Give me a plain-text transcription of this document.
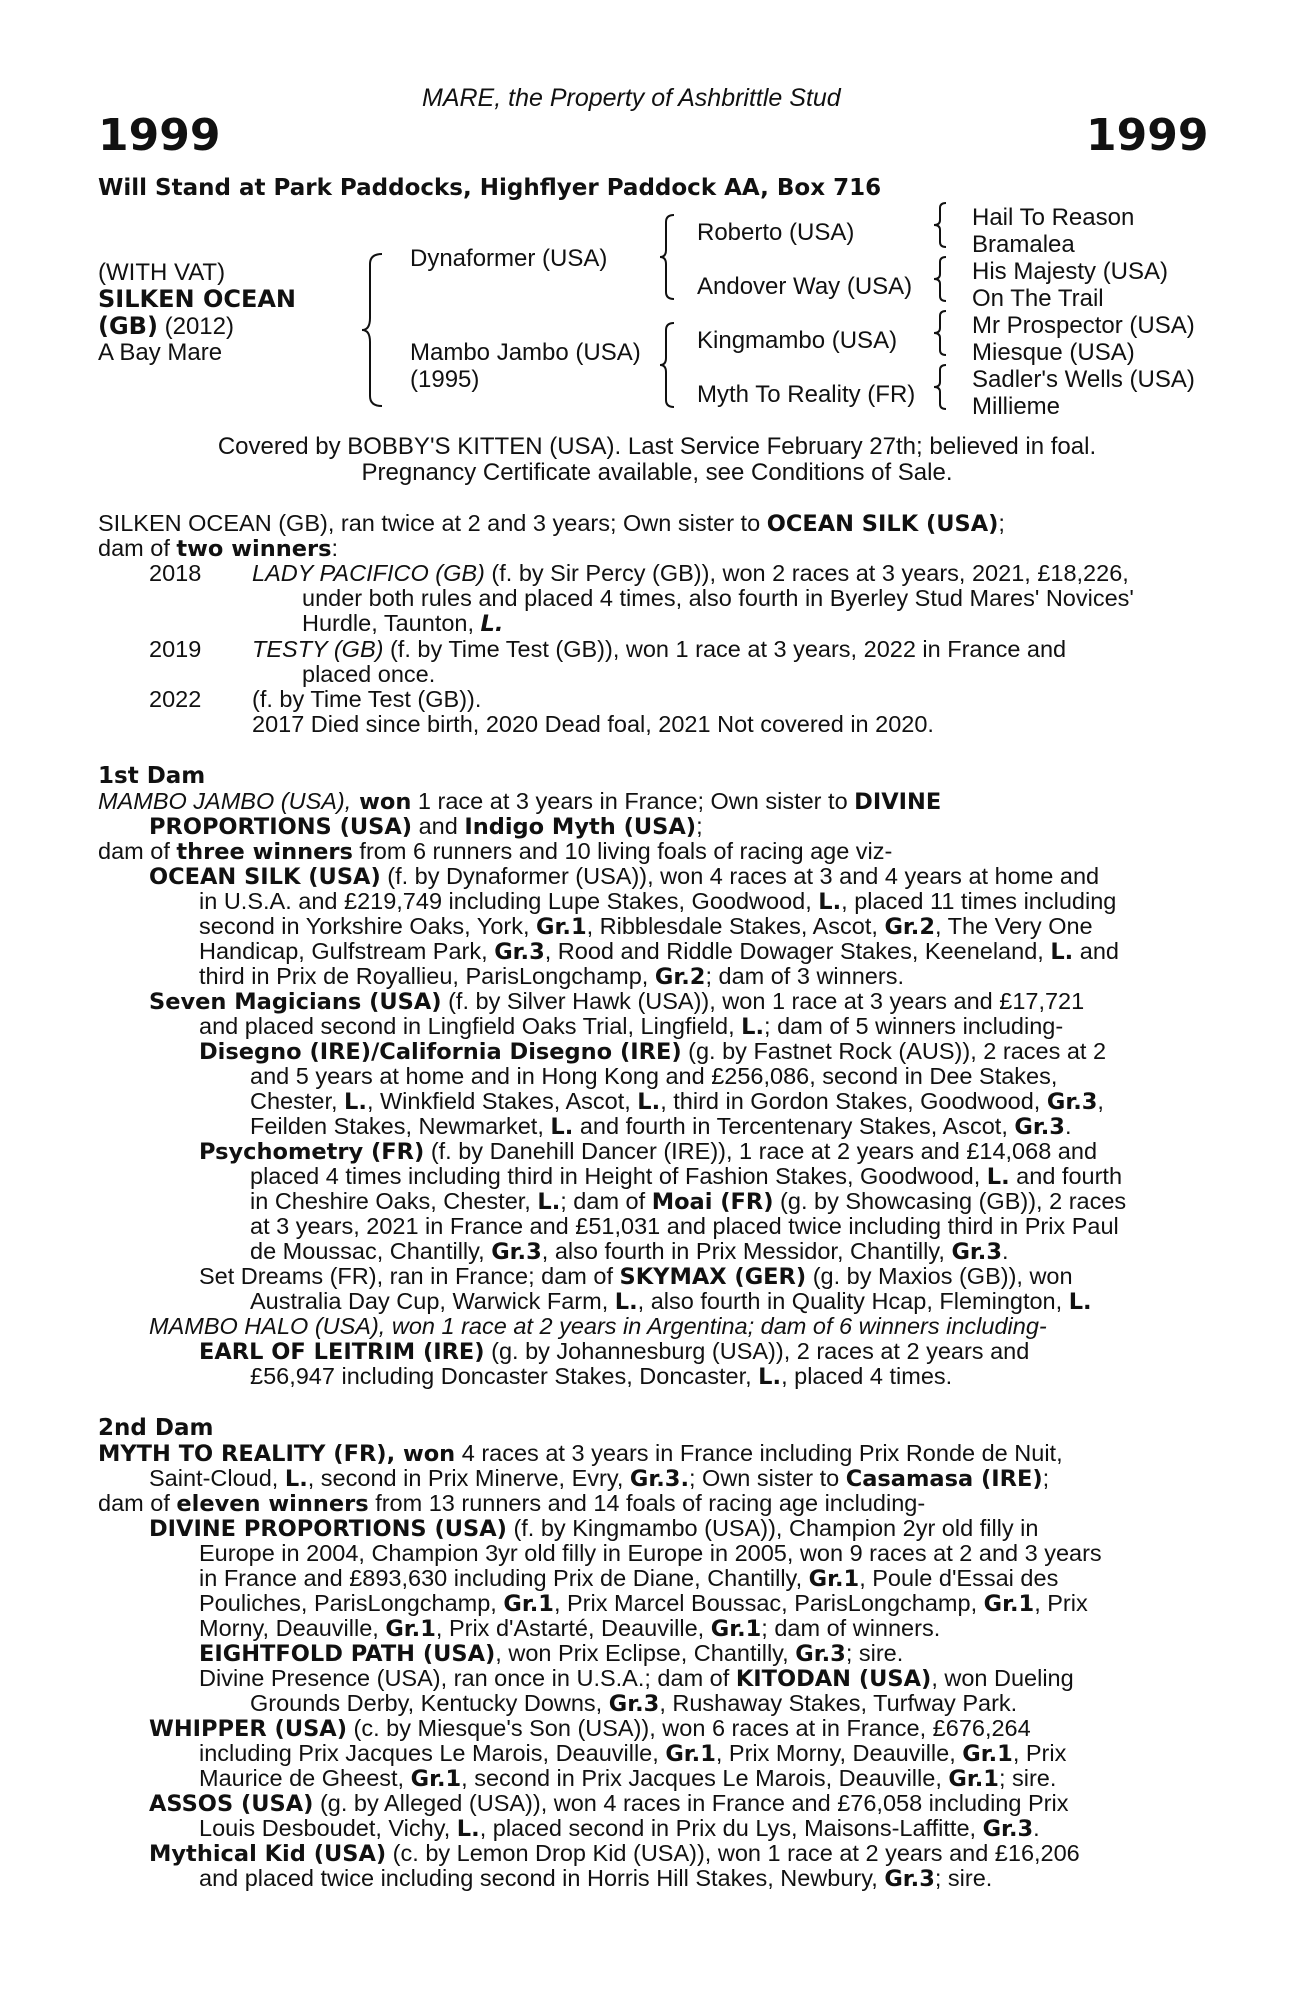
MARE, the Property of Ashbrittle Stud
1999	1999
Will Stand at Park Paddocks, Highflyer Paddock AA, Box 716
(WITH VAT)
SILKEN OCEAN
(GB) (2012)
A Bay Mare
Dynaformer (USA)
Mambo Jambo (USA)
(1995)
Roberto (USA)
Andover Way (USA)
Kingmambo (USA)
Myth To Reality (FR)
Hail To Reason
Bramalea
His Majesty (USA)
On The Trail
Mr Prospector (USA)
Miesque (USA)
Sadler's Wells (USA)
Millieme
Covered by BOBBY'S KITTEN (USA). Last Service February 27th; believed in foal.
Pregnancy Certificate available, see Conditions of Sale.
SILKEN OCEAN (GB), ran twice at 2 and 3 years; Own sister to OCEAN SILK (USA);
dam of two winners:
2018 LADY PACIFICO (GB) (f. by Sir Percy (GB)), won 2 races at 3 years, 2021, £18,226,
under both rules and placed 4 times, also fourth in Byerley Stud Mares' Novices'
Hurdle, Taunton, L.
2019 TESTY (GB) (f. by Time Test (GB)), won 1 race at 3 years, 2022 in France and
placed once.
2022 (f. by Time Test (GB)).
2017 Died since birth, 2020 Dead foal, 2021 Not covered in 2020.
1st Dam
MAMBO JAMBO (USA), won 1 race at 3 years in France; Own sister to DIVINE
PROPORTIONS (USA) and Indigo Myth (USA);
dam of three winners from 6 runners and 10 living foals of racing age viz-
OCEAN SILK (USA) (f. by Dynaformer (USA)), won 4 races at 3 and 4 years at home and
in U.S.A. and £219,749 including Lupe Stakes, Goodwood, L., placed 11 times including
second in Yorkshire Oaks, York, Gr.1, Ribblesdale Stakes, Ascot, Gr.2, The Very One
Handicap, Gulfstream Park, Gr.3, Rood and Riddle Dowager Stakes, Keeneland, L. and
third in Prix de Royallieu, ParisLongchamp, Gr.2; dam of 3 winners.
Seven Magicians (USA) (f. by Silver Hawk (USA)), won 1 race at 3 years and £17,721
and placed second in Lingfield Oaks Trial, Lingfield, L.; dam of 5 winners including-
Disegno (IRE)/California Disegno (IRE) (g. by Fastnet Rock (AUS)), 2 races at 2
and 5 years at home and in Hong Kong and £256,086, second in Dee Stakes,
Chester, L., Winkfield Stakes, Ascot, L., third in Gordon Stakes, Goodwood, Gr.3,
Feilden Stakes, Newmarket, L. and fourth in Tercentenary Stakes, Ascot, Gr.3.
Psychometry (FR) (f. by Danehill Dancer (IRE)), 1 race at 2 years and £14,068 and
placed 4 times including third in Height of Fashion Stakes, Goodwood, L. and fourth
in Cheshire Oaks, Chester, L.; dam of Moai (FR) (g. by Showcasing (GB)), 2 races
at 3 years, 2021 in France and £51,031 and placed twice including third in Prix Paul
de Moussac, Chantilly, Gr.3, also fourth in Prix Messidor, Chantilly, Gr.3.
Set Dreams (FR), ran in France; dam of SKYMAX (GER) (g. by Maxios (GB)), won
Australia Day Cup, Warwick Farm, L., also fourth in Quality Hcap, Flemington, L.
MAMBO HALO (USA), won 1 race at 2 years in Argentina; dam of 6 winners including-
EARL OF LEITRIM (IRE) (g. by Johannesburg (USA)), 2 races at 2 years and
£56,947 including Doncaster Stakes, Doncaster, L., placed 4 times.
2nd Dam
MYTH TO REALITY (FR), won 4 races at 3 years in France including Prix Ronde de Nuit,
Saint-Cloud, L., second in Prix Minerve, Evry, Gr.3.; Own sister to Casamasa (IRE);
dam of eleven winners from 13 runners and 14 foals of racing age including-
DIVINE PROPORTIONS (USA) (f. by Kingmambo (USA)), Champion 2yr old filly in
Europe in 2004, Champion 3yr old filly in Europe in 2005, won 9 races at 2 and 3 years
in France and £893,630 including Prix de Diane, Chantilly, Gr.1, Poule d'Essai des
Pouliches, ParisLongchamp, Gr.1, Prix Marcel Boussac, ParisLongchamp, Gr.1, Prix
Morny, Deauville, Gr.1, Prix d'Astarté, Deauville, Gr.1; dam of winners.
EIGHTFOLD PATH (USA), won Prix Eclipse, Chantilly, Gr.3; sire.
Divine Presence (USA), ran once in U.S.A.; dam of KITODAN (USA), won Dueling
Grounds Derby, Kentucky Downs, Gr.3, Rushaway Stakes, Turfway Park.
WHIPPER (USA) (c. by Miesque's Son (USA)), won 6 races at in France, £676,264
including Prix Jacques Le Marois, Deauville, Gr.1, Prix Morny, Deauville, Gr.1, Prix
Maurice de Gheest, Gr.1, second in Prix Jacques Le Marois, Deauville, Gr.1; sire.
ASSOS (USA) (g. by Alleged (USA)), won 4 races in France and £76,058 including Prix
Louis Desboudet, Vichy, L., placed second in Prix du Lys, Maisons-Laffitte, Gr.3.
Mythical Kid (USA) (c. by Lemon Drop Kid (USA)), won 1 race at 2 years and £16,206
and placed twice including second in Horris Hill Stakes, Newbury, Gr.3; sire.
